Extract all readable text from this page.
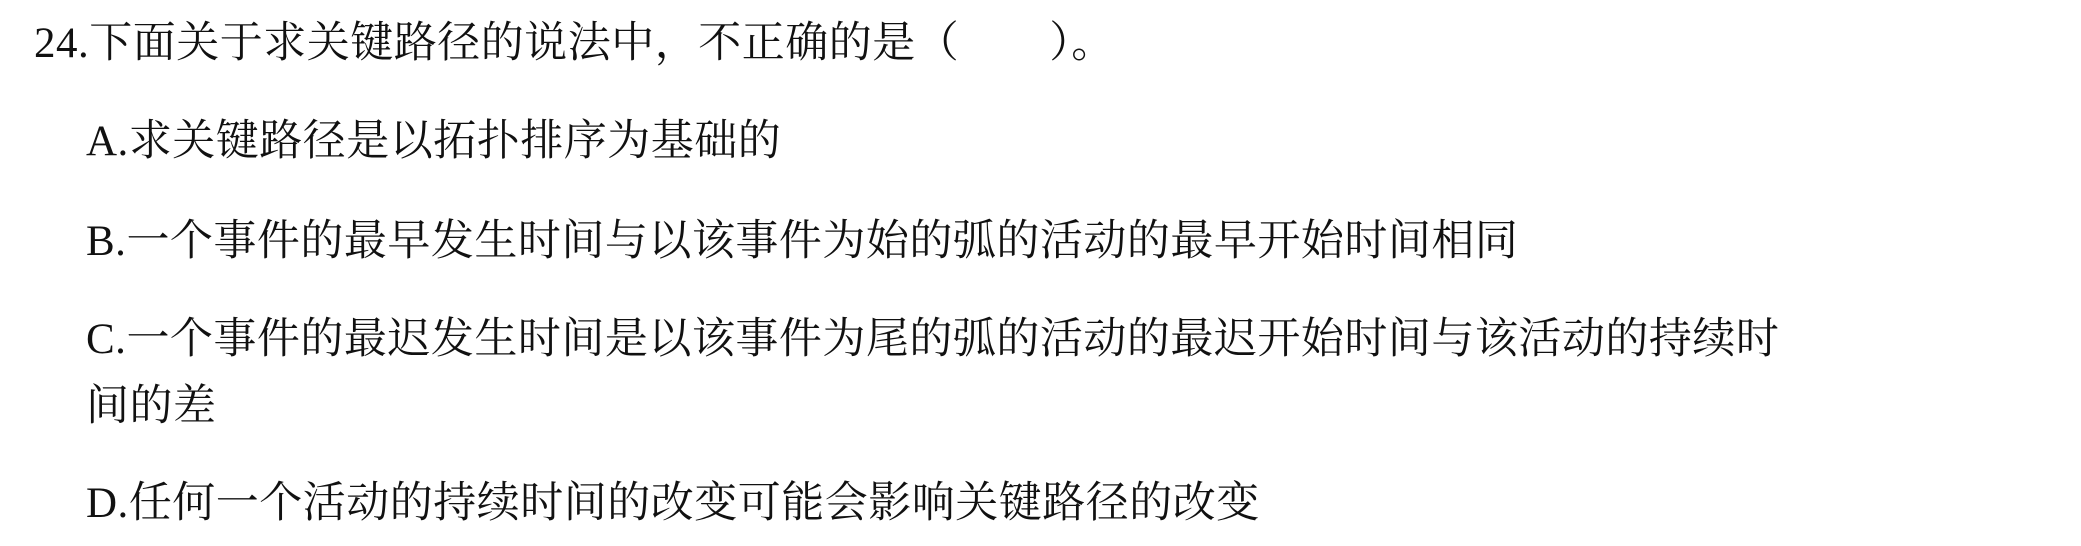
24.下面关于求关键路径的说法中，不正确的是（ ）。
A.求关键路径是以拓扑排序为基础的
B.一个事件的最早发生时间与以该事件为始的弧的活动的最早开始时间相同
C.一个事件的最迟发生时间是以该事件为尾的弧的活动的最迟开始时间与该活动的持续时
间的差
D.任何一个活动的持续时间的改变可能会影响关键路径的改变
